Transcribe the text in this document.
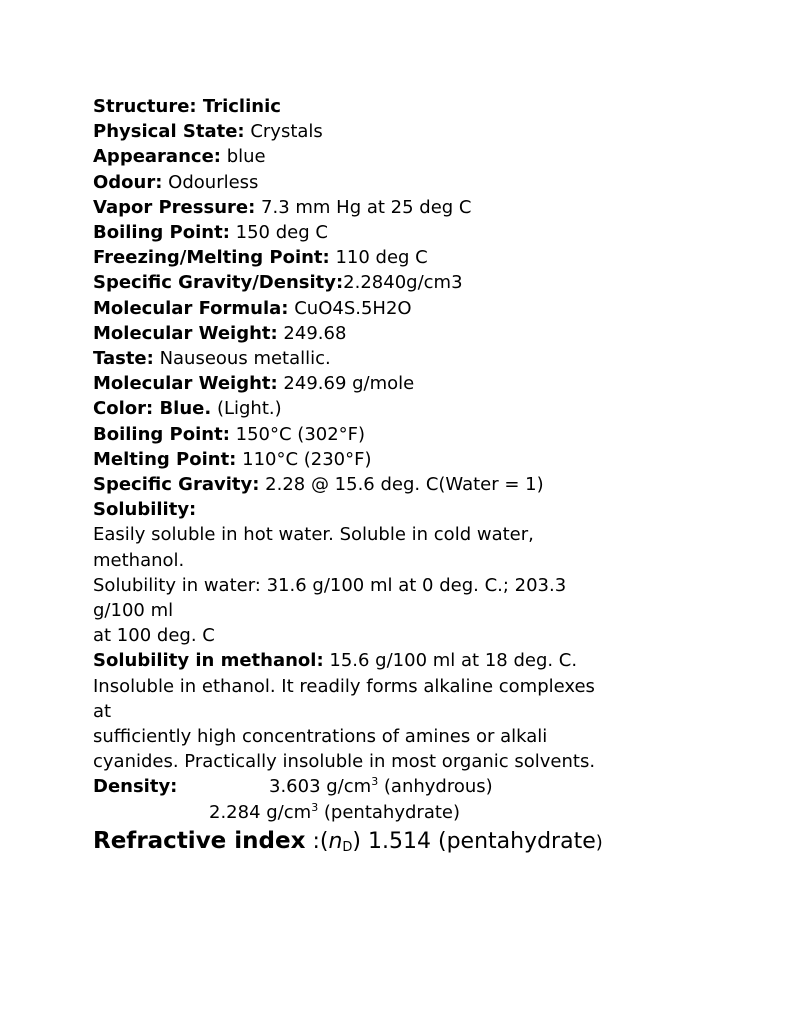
Structure: Triclinic
Physical State: Crystals
Appearance: blue
Odour: Odourless
Vapor Pressure: 7.3 mm Hg at 25 deg C
Boiling Point: 150 deg C
Freezing/Melting Point: 110 deg C
Specific Gravity/Density:2.2840g/cm3
Molecular Formula: CuO4S.5H2O
Molecular Weight: 249.68
Taste: Nauseous metallic.
Molecular Weight: 249.69 g/mole
Color: Blue. (Light.)
Boiling Point: 150°C (302°F)
Melting Point: 110°C (230°F)
Specific Gravity: 2.28 @ 15.6 deg. C(Water = 1)
Solubility:
Easily soluble in hot water. Soluble in cold water,
methanol.
Solubility in water: 31.6 g/100 ml at 0 deg. C.; 203.3
g/100 ml
at 100 deg. C
Solubility in methanol: 15.6 g/100 ml at 18 deg. C.
Insoluble in ethanol. It readily forms alkaline complexes
at
sufficiently high concentrations of amines or alkali
cyanides. Practically insoluble in most organic solvents.
Density:	3.603 $g/cm^3$ (anhydrous)
2.284 $g/cm^3$ (pentahydrate)
Refractive index $:(n_D)$ 1.514 (pentahydrate)
